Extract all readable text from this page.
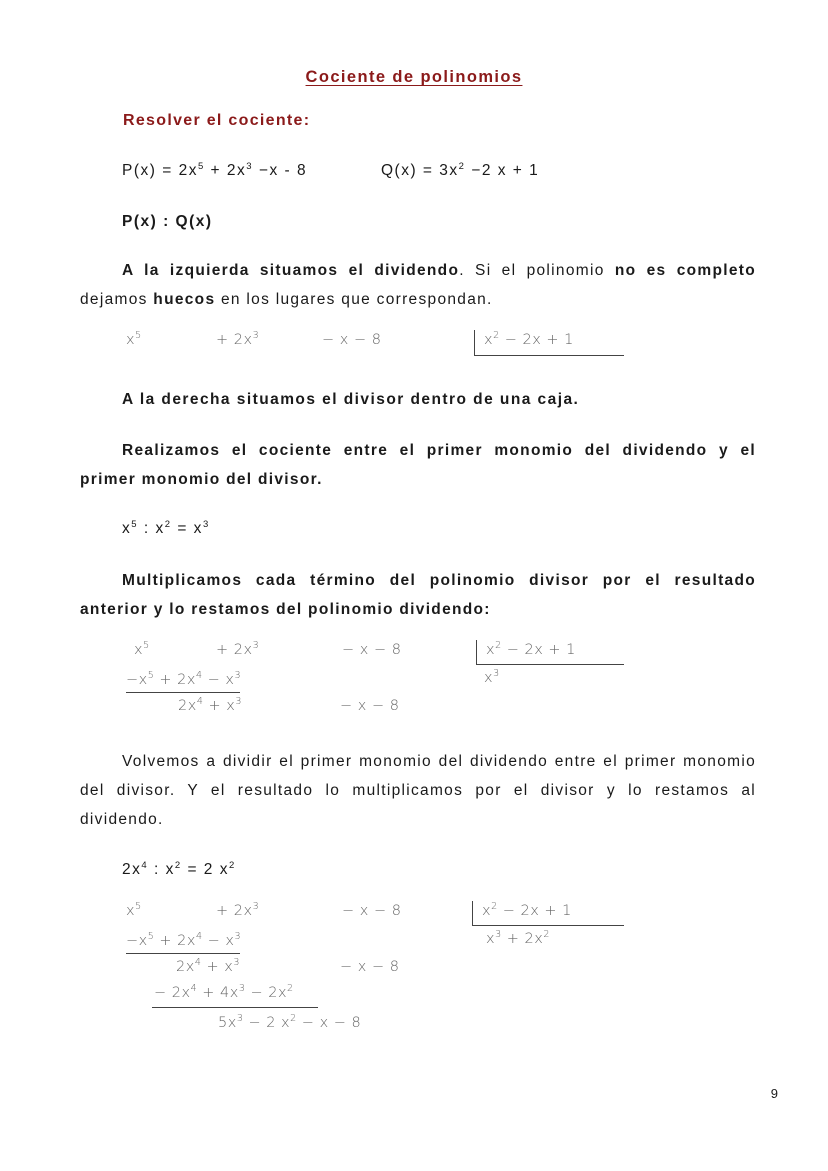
Cociente de polinomios
Resolver el cociente:
$P(x) = 2x^5 + 2x^3 -x - 8$	$Q(x) = 3x^2 -2$ x + 1
P(x) : Q(x)
A la izquierda situamos el dividendo. Si el polinomio no es completo dejamos huecos en los lugares que correspondan.
$x^5$	+ $2x^3$	− x − 8	$x^2 - 2x + 1$
A la derecha situamos el divisor dentro de una caja.
Realizamos el cociente entre el primer monomio del dividendo y el primer monomio del divisor.
$x^5$ : $x^2 = x^3$
Multiplicamos cada término del polinomio divisor por el resultado anterior y lo restamos del polinomio dividendo:
$x^5$	+ $2x^3$	− x − 8	$x^2 - 2x + 1$
$x^3$
$-x^5 + 2x^4 - x^3$
$2x^4 + x^3$	− x − 8
Volvemos a dividir el primer monomio del dividendo entre el primer monomio del divisor. Y el resultado lo multiplicamos por el divisor y lo restamos al dividendo.
$2x^4$ : $x^2 = 2$ $x^2$
$x^5$	+ $2x^3$	− x − 8	$x^2 - 2x + 1$
$x^3 + 2x^2$
$-x^5 + 2x^4 - x^3$
$2x^4 + x^3$	− x − 8
− $2x^4 + 4x^3 - 2x^2$
$5x^3 - 2$ $x^2 - x - 8$
9
